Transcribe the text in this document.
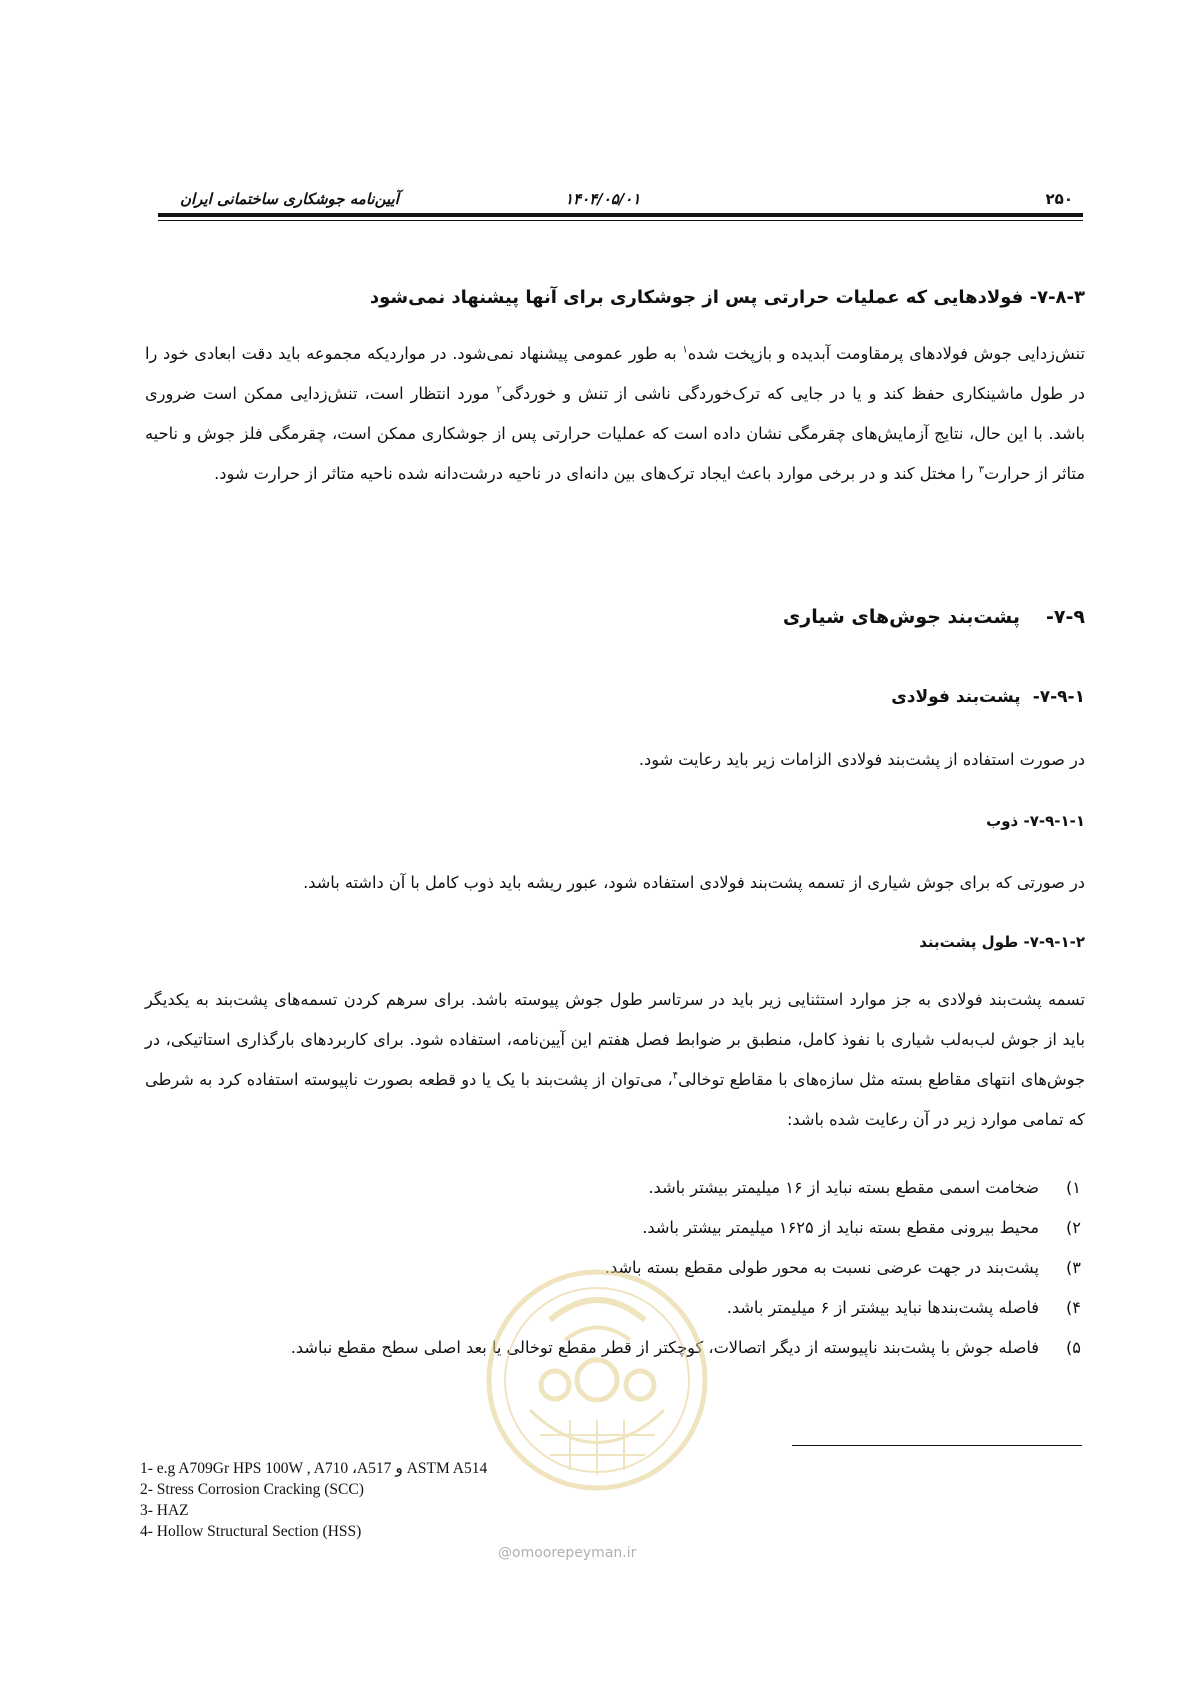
۲۵۰
۱۴۰۴/۰۵/۰۱
آیین‌نامه جوشکاری ساختمانی ایران
۷-۸-۳- فولادهایی که عملیات حرارتی پس از جوشکاری برای آنها پیشنهاد نمی‌شود
تنش‌زدایی جوش فولادهای پرمقاومت آبدیده و بازپخت شده$^۱$ به طور عمومی پیشنهاد نمی‌شود. در مواردیکه مجموعه باید دقت ابعادی خود را در طول ماشینکاری حفظ کند و یا در جایی که ترک‌خوردگی ناشی از تنش و خوردگی$^۲$ مورد انتظار است، تنش‌زدایی ممکن است ضروری باشد. با این حال، نتایج آزمایش‌های چقرمگی نشان داده است که عملیات حرارتی پس از جوشکاری ممکن است، چقرمگی فلز جوش و ناحیه متاثر از حرارت$^۳$ را مختل کند و در برخی موارد باعث ایجاد ترک‌های بین دانه‌ای در ناحیه درشت‌دانه شده ناحیه متاثر از حرارت شود.
۷-۹-پشت‌بند جوش‌های شیاری
۷-۹-۱-پشت‌بند فولادی
در صورت استفاده از پشت‌بند فولادی الزامات زیر باید رعایت شود.
۷-۹-۱-۱- ذوب
در صورتی که برای جوش شیاری از تسمه پشت‌بند فولادی استفاده شود، عبور ریشه باید ذوب کامل با آن داشته باشد.
۷-۹-۱-۲- طول پشت‌بند
تسمه پشت‌بند فولادی به جز موارد استثنایی زیر باید در سرتاسر طول جوش پیوسته باشد. برای سرهم کردن تسمه‌های پشت‌بند به یکدیگر باید از جوش لب‌به‌لب شیاری با نفوذ کامل، منطبق بر ضوابط فصل هفتم این آیین‌نامه، استفاده شود. برای کاربردهای بارگذاری استاتیکی، در جوش‌های انتهای مقاطع بسته مثل سازه‌های با مقاطع توخالی$^۴$، می‌توان از پشت‌بند با یک یا دو قطعه بصورت ناپیوسته استفاده کرد به شرطی که تمامی موارد زیر در آن رعایت شده باشد:
۱)
ضخامت اسمی مقطع بسته نباید از ۱۶ میلیمتر بیشتر باشد.
۲)
محیط بیرونی مقطع بسته نباید از ۱۶۲۵ میلیمتر بیشتر باشد.
۳)
پشت‌بند در جهت عرضی نسبت به محور طولی مقطع بسته باشد.
۴)
فاصله پشت‌بندها نباید بیشتر از ۶ میلیمتر باشد.
۵)
فاصله جوش با پشت‌بند ناپیوسته از دیگر اتصالات، کوچکتر از قطر مقطع توخالی یا بعد اصلی سطح مقطع نباشد.
@omoorepeyman.ir
1- e.g A709Gr HPS 100W , A710 ،A517 و ASTM A514
2- Stress Corrosion Cracking (SCC)
3- HAZ
4- Hollow Structural Section (HSS)
